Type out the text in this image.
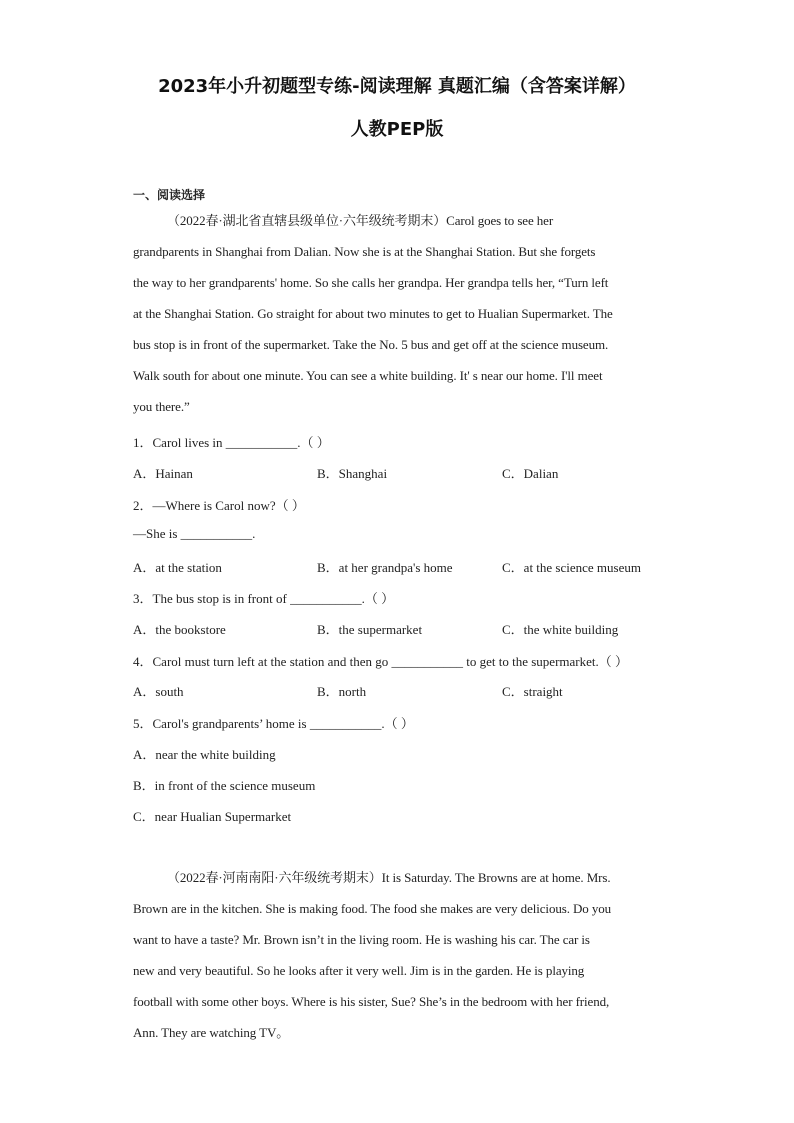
2023年小升初题型专练-阅读理解 真题汇编（含答案详解）
人教PEP版
一、阅读选择
（2022春·湖北省直辖县级单位·六年级统考期末）Carol goes to see her
grandparents in Shanghai from Dalian. Now she is at the Shanghai Station. But she forgets
the way to her grandparents' home. So she calls her grandpa. Her grandpa tells her, “Turn left
at the Shanghai Station. Go straight for about two minutes to get to Hualian Supermarket. The
bus stop is in front of the supermarket. Take the No. 5 bus and get off at the science museum.
Walk south for about one minute. You can see a white building. It' s near our home. I'll meet
you there.”
1．Carol lives in ___________.（ ）
A．Hainan	B．Shanghai	C．Dalian
2．—Where is Carol now?（ ）
—She is ___________.
A．at the station	B．at her grandpa's home	C．at the science museum
3．The bus stop is in front of ___________.（ ）
A．the bookstore	B．the supermarket	C．the white building
4．Carol must turn left at the station and then go ___________ to get to the supermarket.（ ）
A．south	B．north	C．straight
5．Carol's grandparents’ home is ___________.（ ）
A．near the white building
B．in front of the science museum
C．near Hualian Supermarket
（2022春·河南南阳·六年级统考期末）It is Saturday. The Browns are at home. Mrs.
Brown are in the kitchen. She is making food. The food she makes are very delicious. Do you
want to have a taste? Mr. Brown isn’t in the living room. He is washing his car. The car is
new and very beautiful. So he looks after it very well. Jim is in the garden. He is playing
football with some other boys. Where is his sister, Sue? She’s in the bedroom with her friend,
Ann. They are watching TV。
